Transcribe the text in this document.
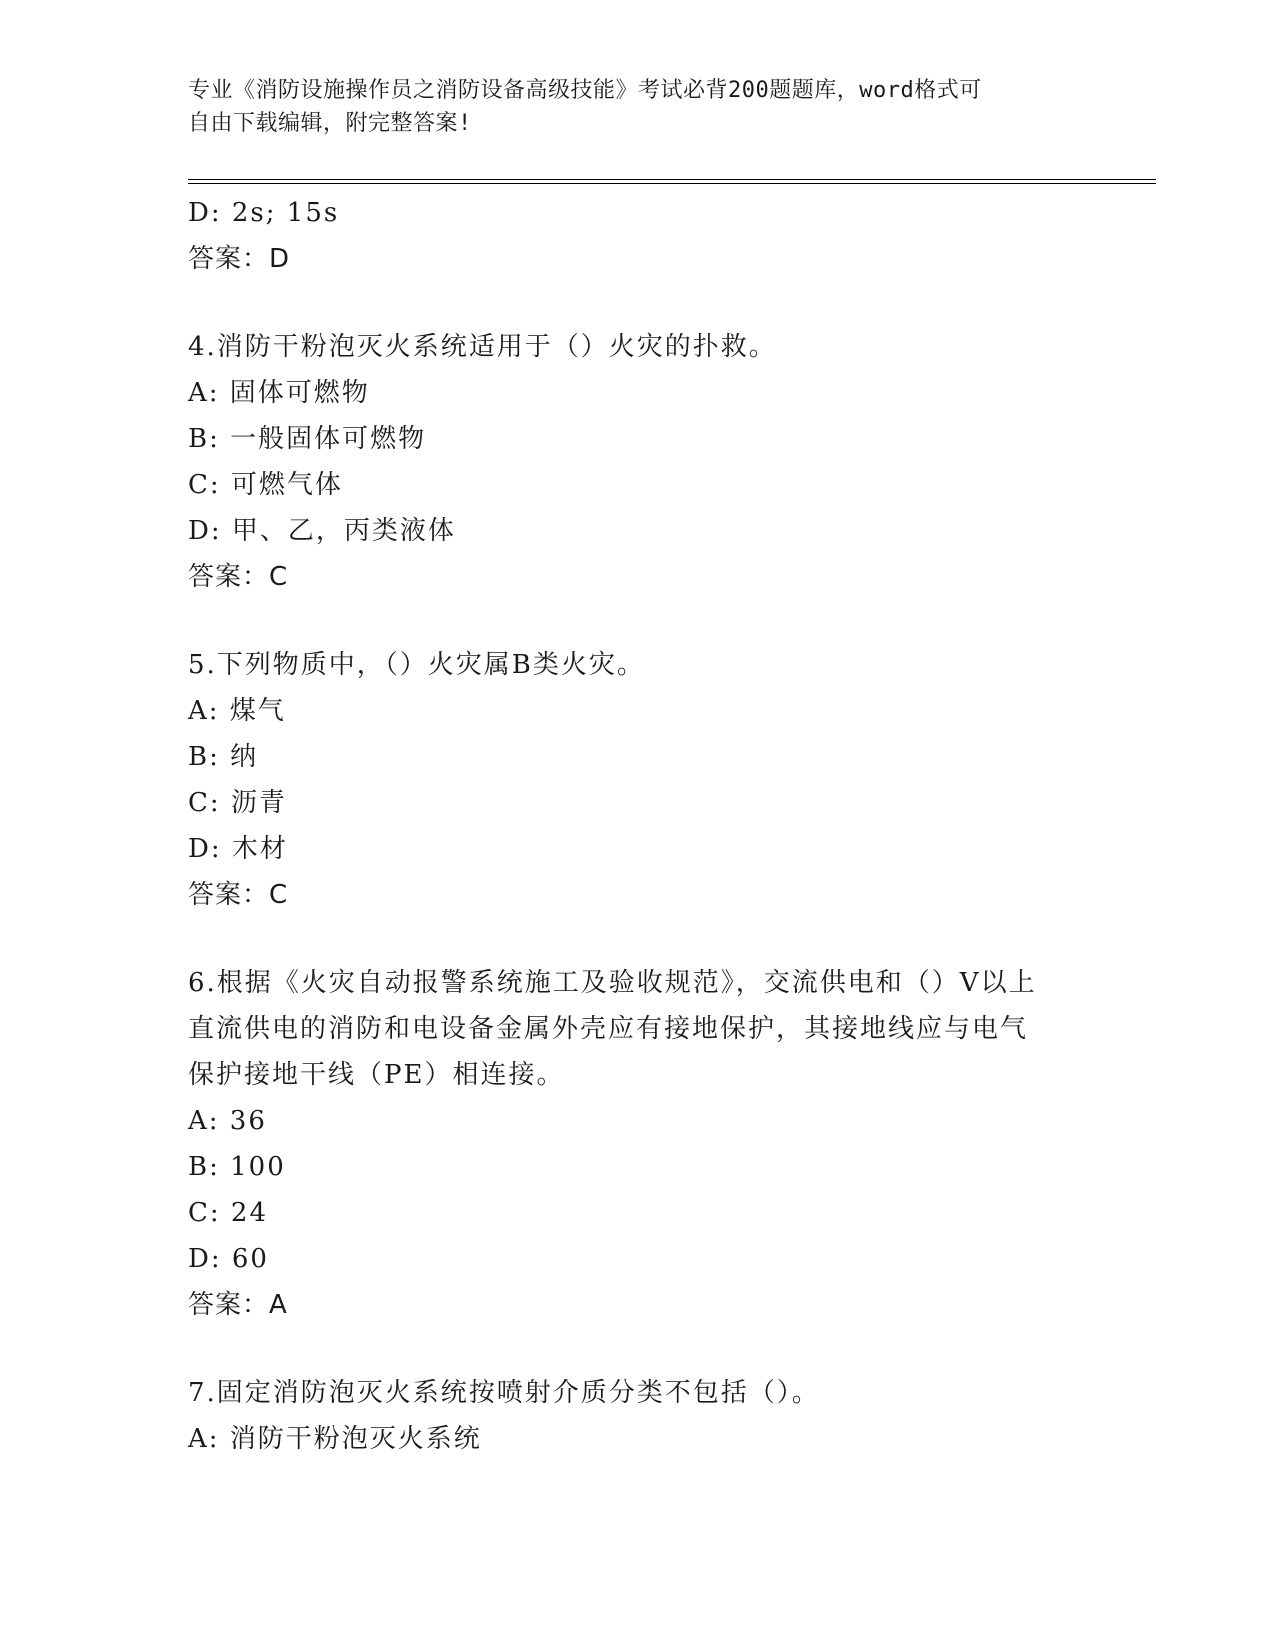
专业《消防设施操作员之消防设备高级技能》考试必背200题题库，word格式可
自由下载编辑，附完整答案!
D: 2s; 15s
答案：D
4.消防干粉泡灭火系统适用于（）火灾的扑救。
A: 固体可燃物
B: 一般固体可燃物
C: 可燃气体
D: 甲、乙，丙类液体
答案：C
5.下列物质中，（）火灾属B类火灾。
A: 煤气
B: 纳
C: 沥青
D: 木材
答案：C
6.根据《火灾自动报警系统施工及验收规范》，交流供电和（）V以上
直流供电的消防和电设备金属外壳应有接地保护，其接地线应与电气
保护接地干线（PE）相连接。
A: 36
B: 100
C: 24
D: 60
答案：A
7.固定消防泡灭火系统按喷射介质分类不包括（）。
A: 消防干粉泡灭火系统
